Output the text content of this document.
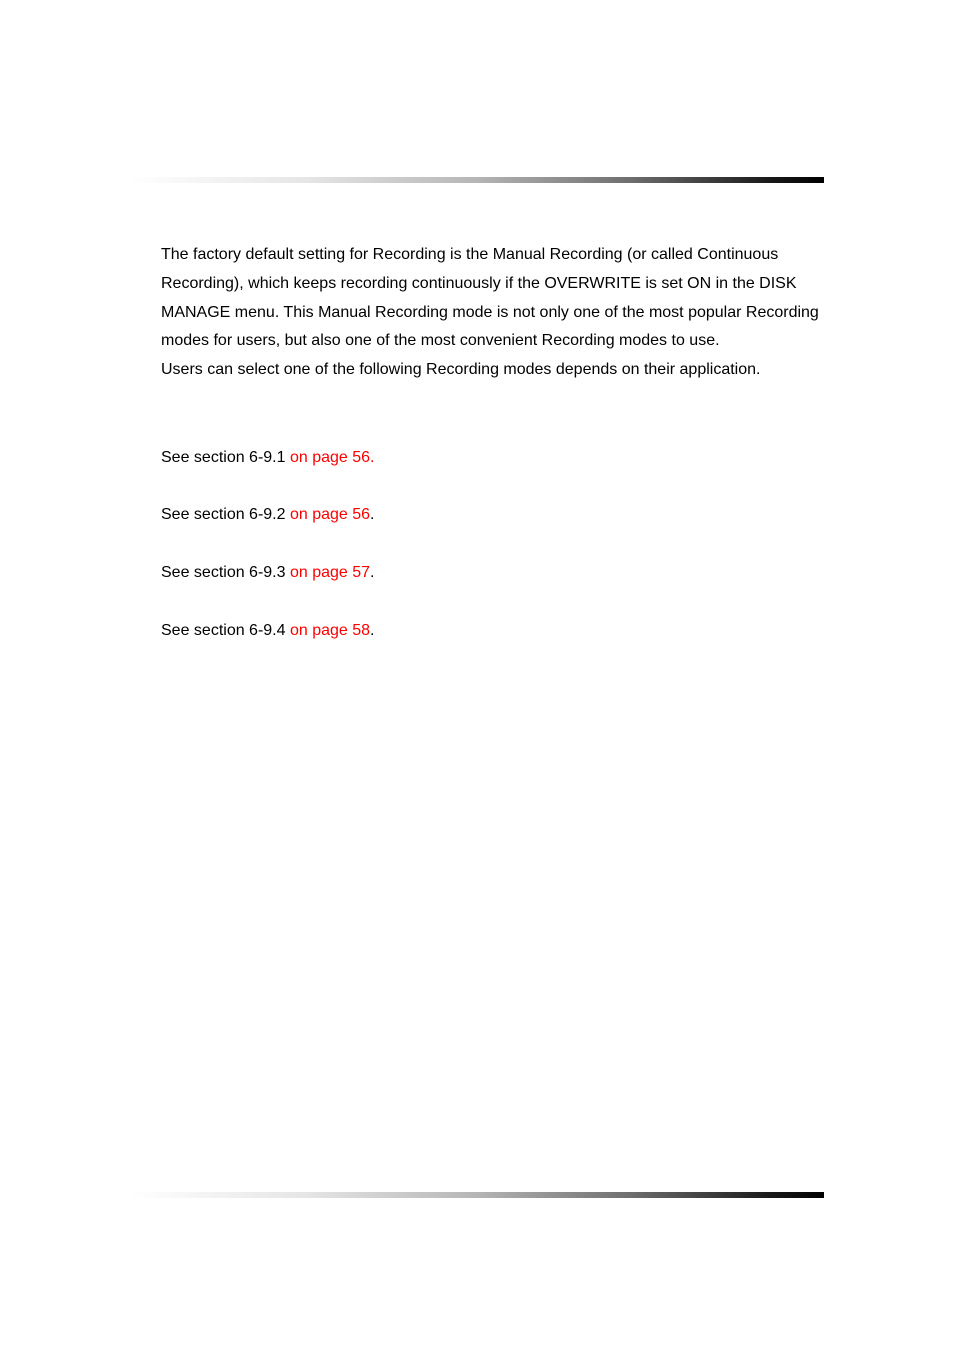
The factory default setting for Recording is the Manual Recording (or called Continuous Recording), which keeps recording continuously if the OVERWRITE is set ON in the DISK MANAGE menu. This Manual Recording mode is not only one of the most popular Recording modes for users, but also one of the most convenient Recording modes to use.

Users can select one of the following Recording modes depends on their application.

See section 6-9.1 on page 56.
See section 6-9.2 on page 56.
See section 6-9.3 on page 57.
See section 6-9.4 on page 58.
